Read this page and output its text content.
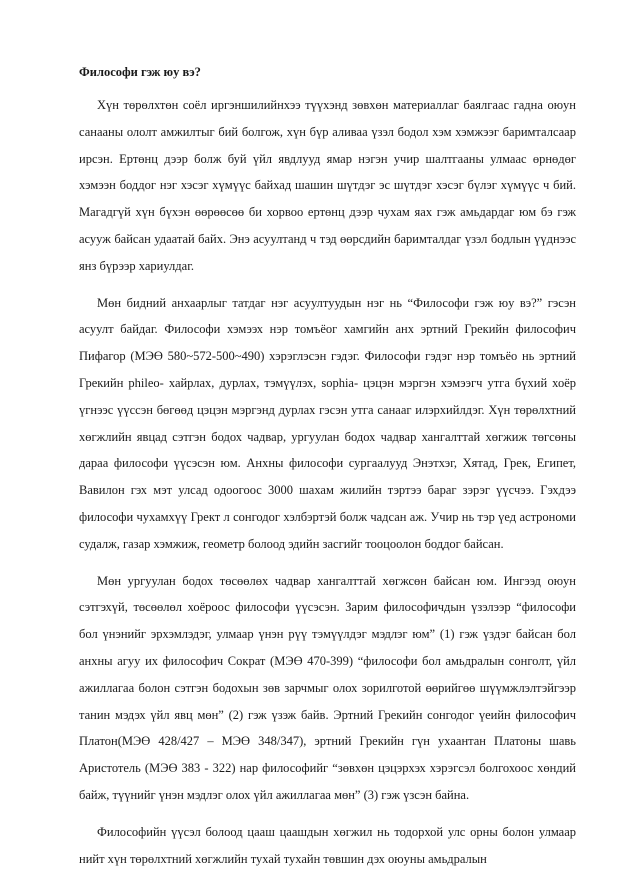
Философи гэж юу вэ?

Хүн төрөлхтөн соёл иргэншилийнхээ түүхэнд зөвхөн материаллаг баялгаас гадна оюун санааны ололт амжилтыг бий болгож, хүн бүр аливаа үзэл бодол хэм хэмжээг баримталсаар ирсэн. Ертөнц дээр болж буй үйл явдлууд ямар нэгэн учир шалтгааны улмаас өрнөдөг хэмээн боддог нэг хэсэг хүмүүс байхад шашин шүтдэг эс шүтдэг хэсэг бүлэг хүмүүс ч бий. Магадгүй хүн бүхэн өөрөөсөө би хорвоо ертөнц дээр чухам яах гэж амьдардаг юм бэ гэж асууж байсан удаатай байх. Энэ асуултанд ч тэд өөрсдийн баримталдаг үзэл бодлын үүднээс янз бүрээр хариулдаг.

Мөн бидний анхаарлыг татдаг нэг асуултуудын нэг нь “Философи гэж юу вэ?” гэсэн асуулт байдаг. Философи хэмээх нэр томъёог хамгийн анх эртний Грекийн философич Пифагор (МЭӨ 580~572-500~490) хэрэглэсэн гэдэг. Философи гэдэг нэр томъёо нь эртний Грекийн phileo- хайрлах, дурлах, тэмүүлэх, sophia- цэцэн мэргэн хэмээгч утга бүхий хоёр үгнээс үүссэн бөгөөд цэцэн мэргэнд дурлах гэсэн утга санааг илэрхийлдэг. Хүн төрөлхтний хөгжлийн явцад сэтгэн бодох чадвар, ургуулан бодох чадвар хангалттай хөгжиж төгсөны дараа философи үүсэсэн юм. Анхны философи сургаалууд Энэтхэг, Хятад, Грек, Египет, Вавилон гэх мэт улсад одоогоос 3000 шахам жилийн тэртээ бараг зэрэг үүсчээ. Гэхдээ философи чухамхүү Грект л сонгодог хэлбэртэй болж чадсан аж. Учир нь тэр үед астрономи судалж, газар хэмжиж, геометр болоод эдийн засгийг тооцоолон боддог байсан.

Мөн ургуулан бодох төсөөлөх чадвар хангалттай хөгжсөн байсан юм. Ингээд оюун сэтгэхүй, төсөөлөл хоёроос философи үүсэсэн. Зарим философичдын үзэлээр “философи бол үнэнийг эрхэмлэдэг, улмаар үнэн рүү тэмүүлдэг мэдлэг юм” (1) гэж үздэг байсан бол анхны агуу их философич Сократ (МЭӨ 470-399) “философи бол амьдралын сонголт, үйл ажиллагаа болон сэтгэн бодохын зөв зарчмыг олох зорилготой өөрийгөө шүүмжлэлтэйгээр танин мэдэх үйл явц мөн” (2) гэж үзэж байв. Эртний Грекийн сонгодог үеийн философич Платон(МЭӨ 428/427 – МЭӨ 348/347), эртний Грекийн гүн ухаантан Платоны шавь Аристотель (МЭӨ 383 - 322) нар философийг “зөвхөн цэцэрхэх хэрэгсэл болгохоос хөндий байж, түүнийг үнэн мэдлэг олох үйл ажиллагаа мөн” (3) гэж үзсэн байна.

Философийн үүсэл болоод цааш цаашдын хөгжил нь тодорхой улс орны болон улмаар нийт хүн төрөлхтний хөгжлийн тухай тухайн төвшин дэх оюуны амьдралын
